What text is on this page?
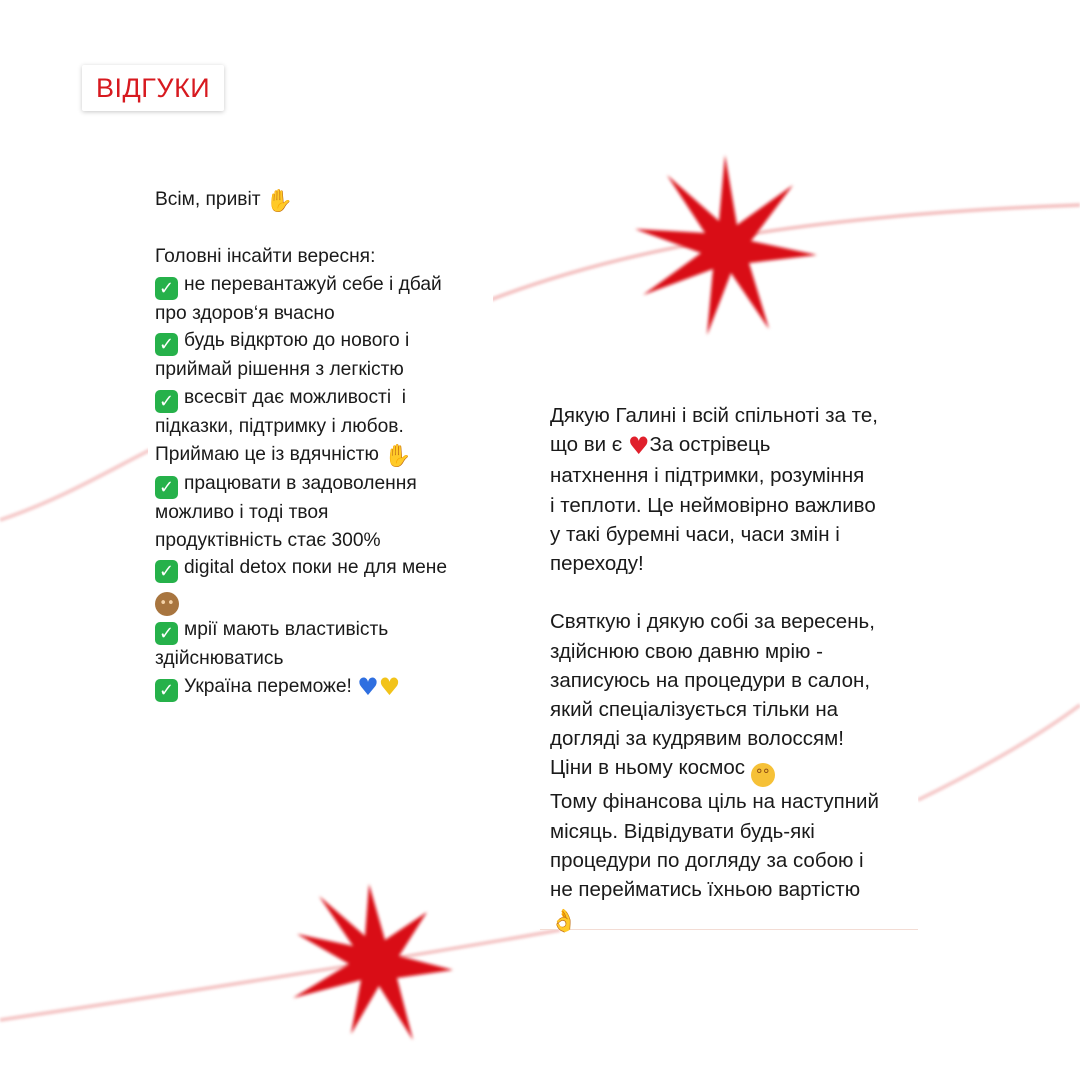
ВІДГУКИ
Всім, привіт ✋
Головні інсайти вересня:
✓ не перевантажуй себе і дбай
про здоров‘я вчасно
✓ будь відкртою до нового і
приймай рішення з легкістю
✓ всесвіт дає можливості  і
підказки, підтримку і любов.
Приймаю це із вдячністю ✋
✓ працювати в задоволення
можливо і тоді твоя
продуктівність стає 300%
✓ digital detox поки не для мене
••
✓ мрії мають властивість
здійснюватись
✓ Україна переможе! ♥♥
Дякую Галині і всій спільноті за те,
що ви є ♥За острівець
натхнення і підтримки, розуміння
і теплоти. Це неймовірно важливо
у такі буремні часи, часи змін і
переходу!
Святкую і дякую собі за вересень,
здійснюю свою давню мрію -
записуюсь на процедури в салон,
який спеціалізується тільки на
догляді за кудрявим волоссям!
Ціни в ньому космос °°
Тому фінансова ціль на наступний
місяць. Відвідувати будь-які
процедури по догляду за собою і
не перейматись їхньою вартістю
👌
